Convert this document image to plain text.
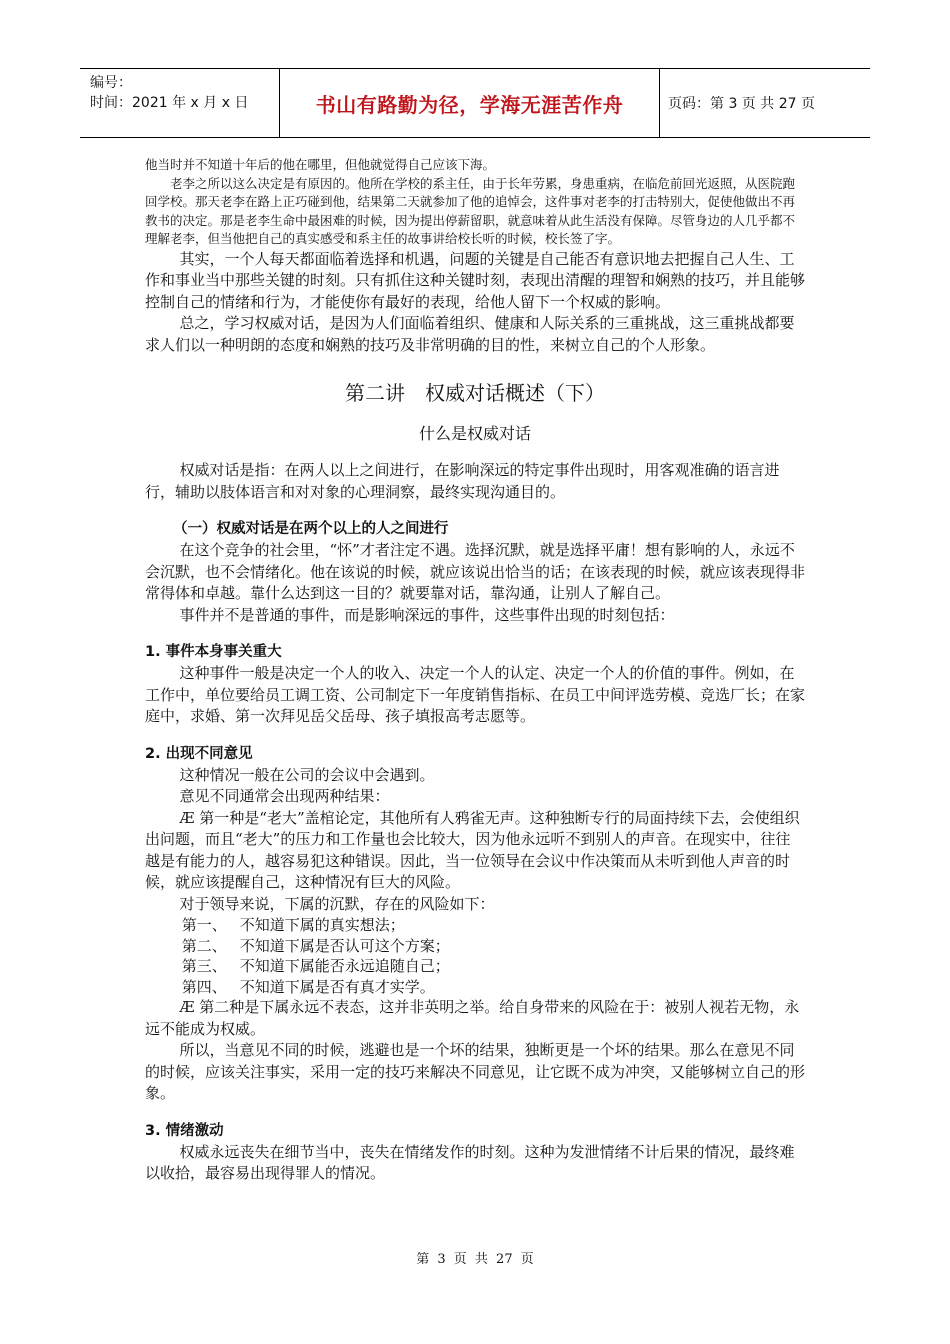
编号：
时间：2021 年 x 月 x 日	书山有路勤为径，学海无涯苦作舟	页码：第 3 页 共 27 页

他当时并不知道十年后的他在哪里，但他就觉得自己应该下海。

老李之所以这么决定是有原因的。他所在学校的系主任，由于长年劳累，身患重病，在临危前回光返照，从医院跑回学校。那天老李在路上正巧碰到他，结果第二天就参加了他的追悼会，这件事对老李的打击特别大，促使他做出不再教书的决定。那是老李生命中最困难的时候，因为提出停薪留职，就意味着从此生活没有保障。尽管身边的人几乎都不理解老李，但当他把自己的真实感受和系主任的故事讲给校长听的时候，校长签了字。

其实，一个人每天都面临着选择和机遇，问题的关键是自己能否有意识地去把握自己人生、工作和事业当中那些关键的时刻。只有抓住这种关键时刻，表现出清醒的理智和娴熟的技巧，并且能够控制自己的情绪和行为，才能使你有最好的表现，给他人留下一个权威的影响。

总之，学习权威对话，是因为人们面临着组织、健康和人际关系的三重挑战，这三重挑战都要求人们以一种明朗的态度和娴熟的技巧及非常明确的目的性，来树立自己的个人形象。

第二讲　权威对话概述（下）
什么是权威对话

权威对话是指：在两人以上之间进行，在影响深远的特定事件出现时，用客观准确的语言进行，辅助以肢体语言和对对象的心理洞察，最终实现沟通目的。

（一）权威对话是在两个以上的人之间进行

在这个竞争的社会里，“怀”才者注定不遇。选择沉默，就是选择平庸！想有影响的人，永远不会沉默，也不会情绪化。他在该说的时候，就应该说出恰当的话；在该表现的时候，就应该表现得非常得体和卓越。靠什么达到这一目的？就要靠对话，靠沟通，让别人了解自己。

事件并不是普通的事件，而是影响深远的事件，这些事件出现的时刻包括：

1. 事件本身事关重大

这种事件一般是决定一个人的收入、决定一个人的认定、决定一个人的价值的事件。例如，在工作中，单位要给员工调工资、公司制定下一年度销售指标、在员工中间评选劳模、竞选厂长；在家庭中，求婚、第一次拜见岳父岳母、孩子填报高考志愿等。

2. 出现不同意见

这种情况一般在公司的会议中会遇到。

意见不同通常会出现两种结果：

Æ 第一种是“老大”盖棺论定，其他所有人鸦雀无声。这种独断专行的局面持续下去，会使组织出问题，而且“老大”的压力和工作量也会比较大，因为他永远听不到别人的声音。在现实中，往往越是有能力的人，越容易犯这种错误。因此，当一位领导在会议中作决策而从未听到他人声音的时候，就应该提醒自己，这种情况有巨大的风险。

对于领导来说，下属的沉默，存在的风险如下：

第一、 不知道下属的真实想法；

第二、 不知道下属是否认可这个方案；

第三、 不知道下属能否永远追随自己；

第四、 不知道下属是否有真才实学。

Æ 第二种是下属永远不表态，这并非英明之举。给自身带来的风险在于：被别人视若无物，永远不能成为权威。

所以，当意见不同的时候，逃避也是一个坏的结果，独断更是一个坏的结果。那么在意见不同的时候，应该关注事实，采用一定的技巧来解决不同意见，让它既不成为冲突，又能够树立自己的形象。

3. 情绪激动

权威永远丧失在细节当中，丧失在情绪发作的时刻。这种为发泄情绪不计后果的情况，最终难以收拾，最容易出现得罪人的情况。

第 3 页 共 27 页
